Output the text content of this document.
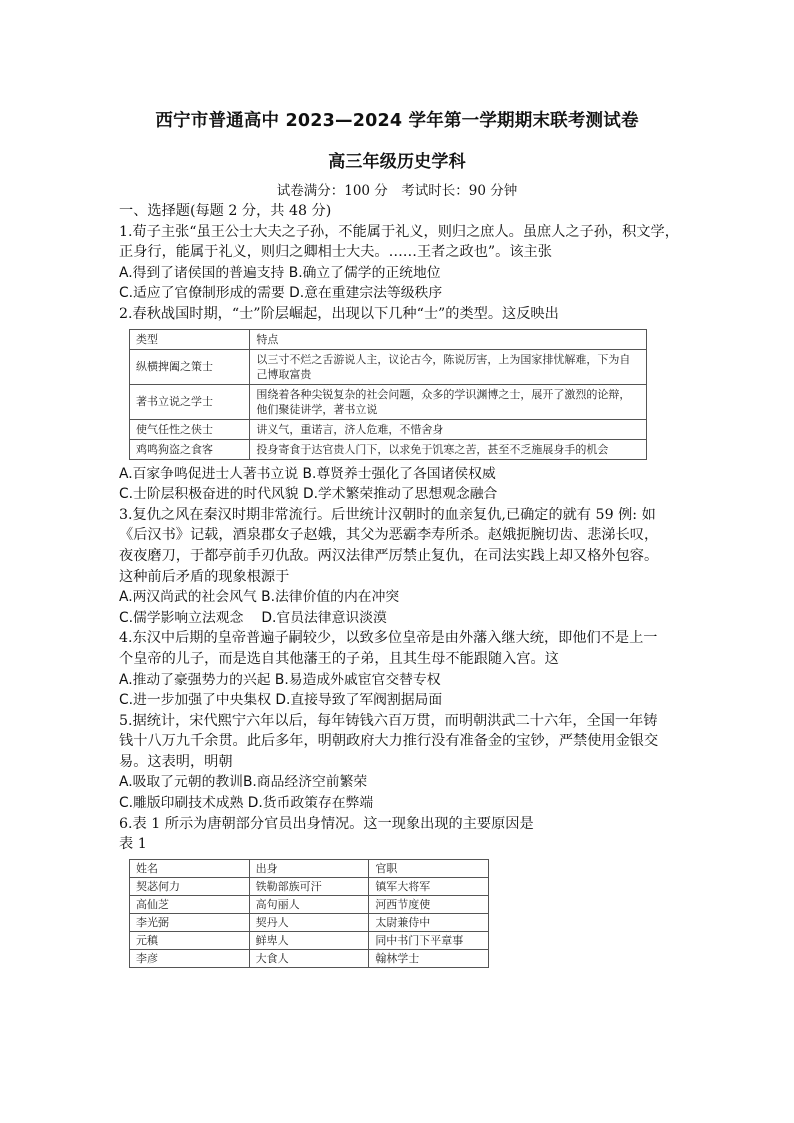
西宁市普通高中 2023—2024 学年第一学期期末联考测试卷
高三年级历史学科
试卷满分：100 分　考试时长：90 分钟

一、选择题(每题 2 分，共 48 分)

1.荀子主张“虽王公士大夫之子孙，不能属于礼义，则归之庶人。虽庶人之子孙，积文学，

正身行，能属于礼义，则归之卿相士大夫。……王者之政也”。该主张

A.得到了诸侯国的普遍支持 B.确立了儒学的正统地位

C.适应了官僚制形成的需要 D.意在重建宗法等级秩序

2.春秋战国时期，“士”阶层崛起，出现以下几种“士”的类型。这反映出

类型	特点
纵横捭阖之策士	以三寸不烂之舌游说人主，议论古今，陈说厉害，上为国家排忧解难，下为自己博取富贵
著书立说之学士	围绕着各种尖锐复杂的社会问题，众多的学识渊博之士，展开了激烈的论辩，他们聚徒讲学，著书立说
使气任性之侠士	讲义气，重诺言，济人危难，不惜舍身
鸡鸣狗盗之食客	投身寄食于达官贵人门下，以求免于饥寒之苦，甚至不乏施展身手的机会

A.百家争鸣促进士人著书立说 B.尊贤养士强化了各国诸侯权威

C.士阶层积极奋进的时代风貌 D.学术繁荣推动了思想观念融合

3.复仇之风在秦汉时期非常流行。后世统计汉朝时的血亲复仇,已确定的就有 59 例: 如

《后汉书》记载，酒泉郡女子赵娥，其父为恶霸李寿所杀。赵娥扼腕切齿、悲涕长叹，

夜夜磨刀，于都亭前手刃仇敌。两汉法律严厉禁止复仇，在司法实践上却又格外包容。

这种前后矛盾的现象根源于

A.两汉尚武的社会风气 B.法律价值的内在冲突

C.儒学影响立法观念 D.官员法律意识淡漠

4.东汉中后期的皇帝普遍子嗣较少，以致多位皇帝是由外藩入继大统，即他们不是上一

个皇帝的儿子，而是选自其他藩王的子弟，且其生母不能跟随入宫。这

A.推动了豪强势力的兴起 B.易造成外戚宦官交替专权

C.进一步加强了中央集权 D.直接导致了军阀割据局面

5.据统计，宋代熙宁六年以后，每年铸钱六百万贯，而明朝洪武二十六年，全国一年铸

钱十八万九千余贯。此后多年，明朝政府大力推行没有准备金的宝钞，严禁使用金银交

易。这表明，明朝

A.吸取了元朝的教训B.商品经济空前繁荣

C.雕版印刷技术成熟 D.货币政策存在弊端

6.表 1 所示为唐朝部分官员出身情况。这一现象出现的主要原因是

表 1

姓名	出身	官职
契苾何力	铁勒部族可汗	镇军大将军
高仙芝	高句丽人	河西节度使
李光弼	契丹人	太尉兼侍中
元稹	鲜卑人	同中书门下平章事
李彦	大食人	翰林学士
